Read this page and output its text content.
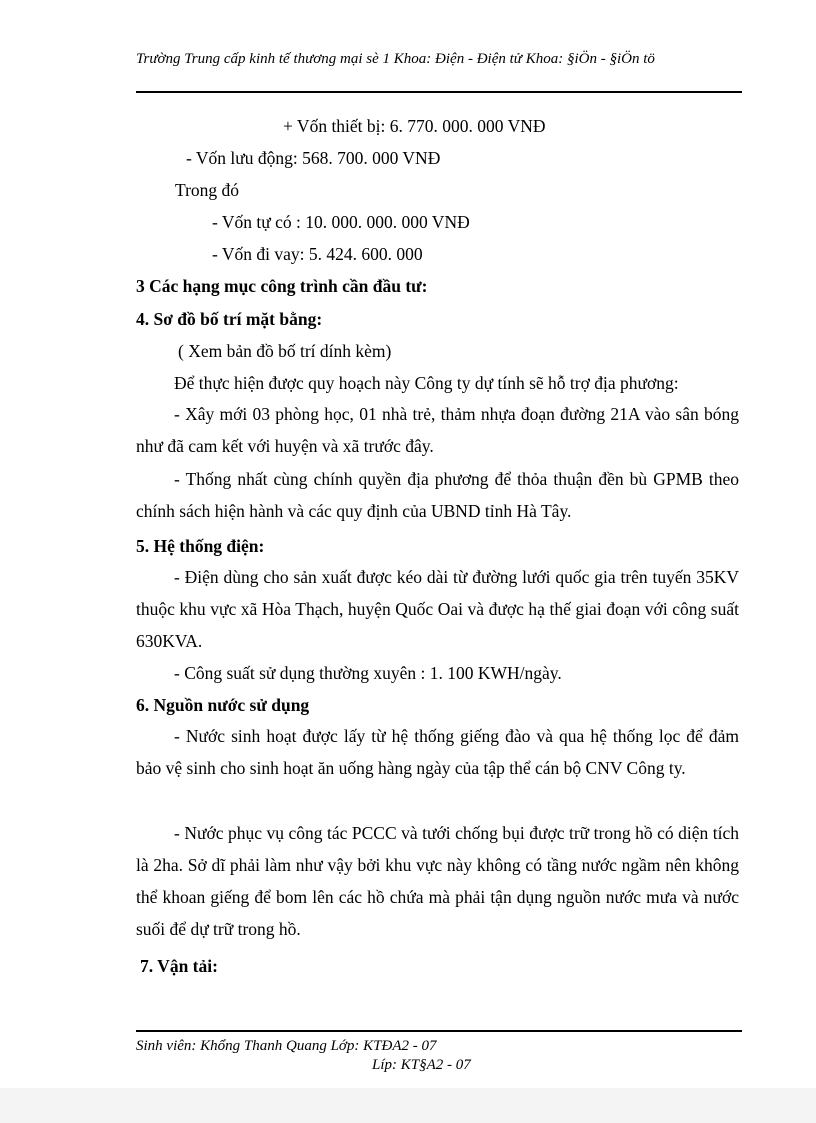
Trường Trung cấp kinh tế thương mại sè 1 Khoa: Điện - Điện tử Khoa: §iÖn - §iÖn tö
+ Vốn thiết bị: 6. 770. 000. 000 VNĐ
- Vốn lưu động: 568. 700. 000 VNĐ
Trong đó
- Vốn tự có : 10. 000. 000. 000 VNĐ
- Vốn đi vay: 5. 424. 600. 000
3 Các hạng mục công trình cần đầu tư:
4. Sơ đồ bố trí mặt bằng:
( Xem bản đồ bố trí dính kèm)
Để thực hiện được quy hoạch này Công ty dự tính sẽ hỗ trợ địa phương:
- Xây mới 03 phòng học, 01 nhà trẻ, thảm nhựa đoạn đường 21A vào sân bóng như đã cam kết với huyện và xã trước đây.
- Thống nhất cùng chính quyền địa phương để thỏa thuận đền bù GPMB theo chính sách hiện hành và các quy định của UBND tỉnh Hà Tây.
5. Hệ thống điện:
- Điện dùng cho sản xuất được kéo dài từ đường lưới quốc gia trên tuyến 35KV thuộc khu vực xã Hòa Thạch, huyện Quốc Oai và được hạ thế giai đoạn với công suất 630KVA.
- Công suất sử dụng thường xuyên : 1. 100 KWH/ngày.
6. Nguồn nước sử dụng
- Nước sinh hoạt được lấy từ hệ thống giếng đào và qua hệ thống lọc để đảm bảo vệ sinh cho sinh hoạt ăn uống hàng ngày của tập thể cán bộ CNV Công ty.
- Nước phục vụ công tác PCCC và tưới chống bụi được trữ trong hồ có diện tích là 2ha. Sở dĩ phải làm như vậy bởi khu vực này không có tầng nước ngầm nên không thể khoan giếng để bom lên các hồ chứa mà phải tận dụng nguồn nước mưa và nước suối để dự trữ trong hồ.
7. Vận tải:
Sinh viên: Khổng Thanh Quang Lớp: KTĐA2 - 07
Líp: KT§A2 - 07
